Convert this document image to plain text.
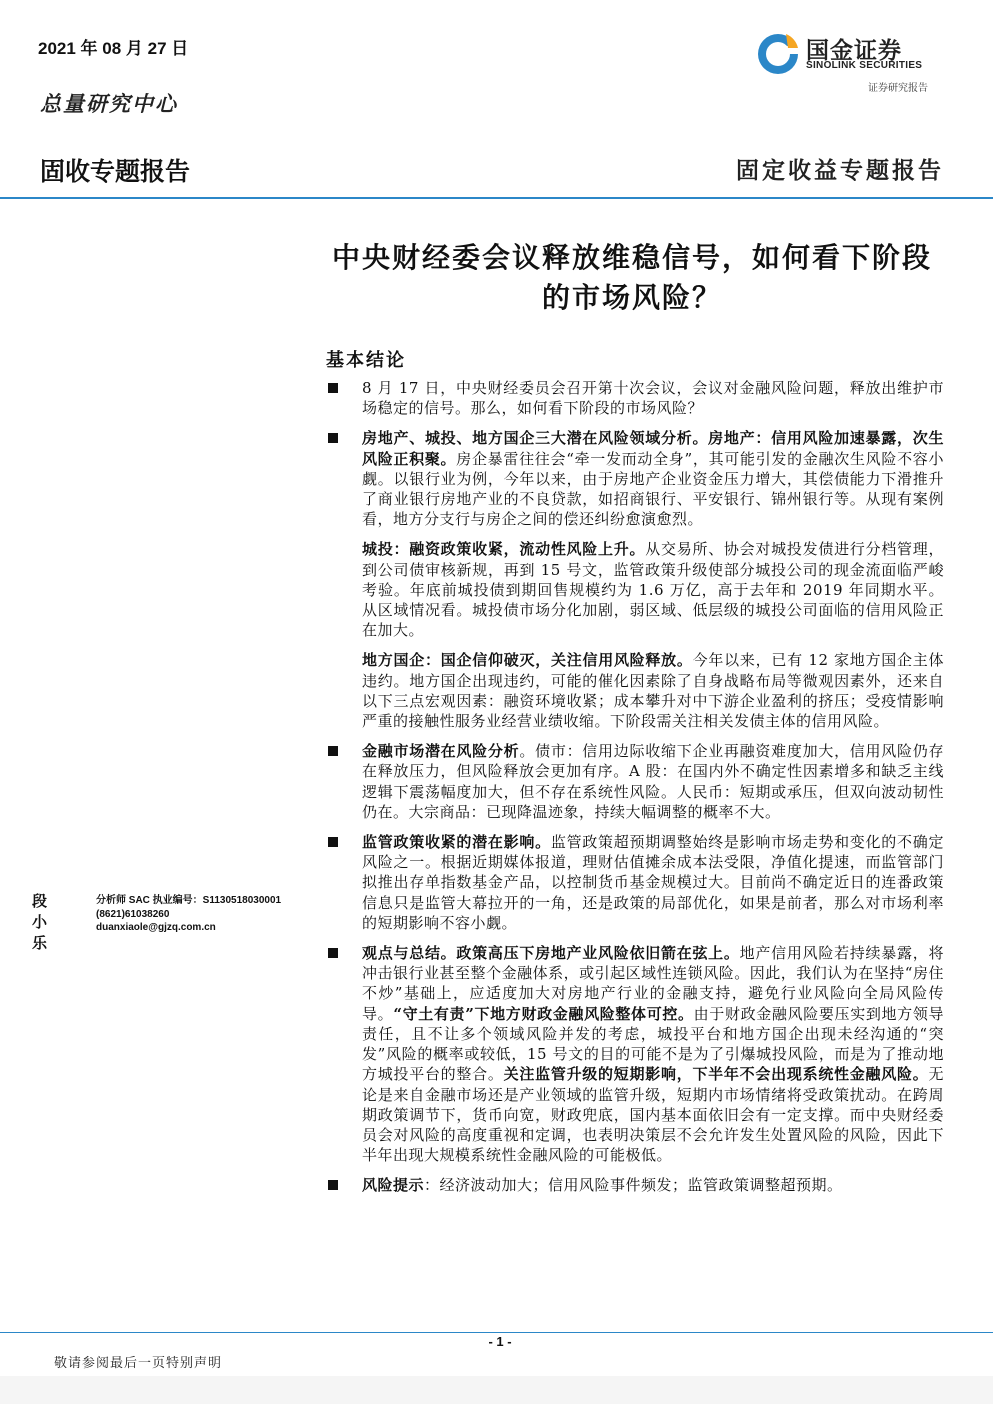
2021 年 08 月 27 日
总量研究中心
国金证券
SINOLINK SECURITIES
证券研究报告
固收专题报告	固定收益专题报告
中央财经委会议释放维稳信号，如何看下阶段的市场风险？
基本结论
8 月 17 日，中央财经委员会召开第十次会议，会议对金融风险问题，释放出维护市场稳定的信号。那么，如何看下阶段的市场风险？
房地产、城投、地方国企三大潜在风险领域分析。房地产：信用风险加速暴露，次生风险正积聚。房企暴雷往往会“牵一发而动全身”，其可能引发的金融次生风险不容小觑。以银行业为例，今年以来，由于房地产企业资金压力增大，其偿债能力下滑推升了商业银行房地产业的不良贷款，如招商银行、平安银行、锦州银行等。从现有案例看，地方分支行与房企之间的偿还纠纷愈演愈烈。
城投：融资政策收紧，流动性风险上升。从交易所、协会对城投发债进行分档管理，到公司债审核新规，再到 15 号文，监管政策升级使部分城投公司的现金流面临严峻考验。年底前城投债到期回售规模约为 1.6 万亿，高于去年和 2019 年同期水平。从区域情况看。城投债市场分化加剧，弱区域、低层级的城投公司面临的信用风险正在加大。
地方国企：国企信仰破灭，关注信用风险释放。今年以来，已有 12 家地方国企主体违约。地方国企出现违约，可能的催化因素除了自身战略布局等微观因素外，还来自以下三点宏观因素：融资环境收紧；成本攀升对中下游企业盈利的挤压；受疫情影响严重的接触性服务业经营业绩收缩。下阶段需关注相关发债主体的信用风险。
金融市场潜在风险分析。债市：信用边际收缩下企业再融资难度加大，信用风险仍存在释放压力，但风险释放会更加有序。A 股：在国内外不确定性因素增多和缺乏主线逻辑下震荡幅度加大，但不存在系统性风险。人民币：短期或承压，但双向波动韧性仍在。大宗商品：已现降温迹象，持续大幅调整的概率不大。
监管政策收紧的潜在影响。监管政策超预期调整始终是影响市场走势和变化的不确定风险之一。根据近期媒体报道，理财估值摊余成本法受限，净值化提速，而监管部门拟推出存单指数基金产品，以控制货币基金规模过大。目前尚不确定近日的连番政策信息只是监管大幕拉开的一角，还是政策的局部优化，如果是前者，那么对市场利率的短期影响不容小觑。
观点与总结。政策高压下房地产业风险依旧箭在弦上。地产信用风险若持续暴露，将冲击银行业甚至整个金融体系，或引起区域性连锁风险。因此，我们认为在坚持“房住不炒”基础上，应适度加大对房地产行业的金融支持，避免行业风险向全局风险传导。“守土有责”下地方财政金融风险整体可控。由于财政金融风险要压实到地方领导责任，且不让多个领域风险并发的考虑，城投平台和地方国企出现未经沟通的“突发”风险的概率或较低，15 号文的目的可能不是为了引爆城投风险，而是为了推动地方城投平台的整合。关注监管升级的短期影响，下半年不会出现系统性金融风险。无论是来自金融市场还是产业领域的监管升级，短期内市场情绪将受政策扰动。在跨周期政策调节下，货币向宽，财政兜底，国内基本面依旧会有一定支撑。而中央财经委员会对风险的高度重视和定调，也表明决策层不会允许发生处置风险的风险，因此下半年出现大规模系统性金融风险的可能极低。
风险提示：经济波动加大；信用风险事件频发；监管政策调整超预期。
段小乐
分析师 SAC 执业编号：S1130518030001
(8621)61038260
duanxiaole@gjzq.com.cn
- 1 -
敬请参阅最后一页特别声明
